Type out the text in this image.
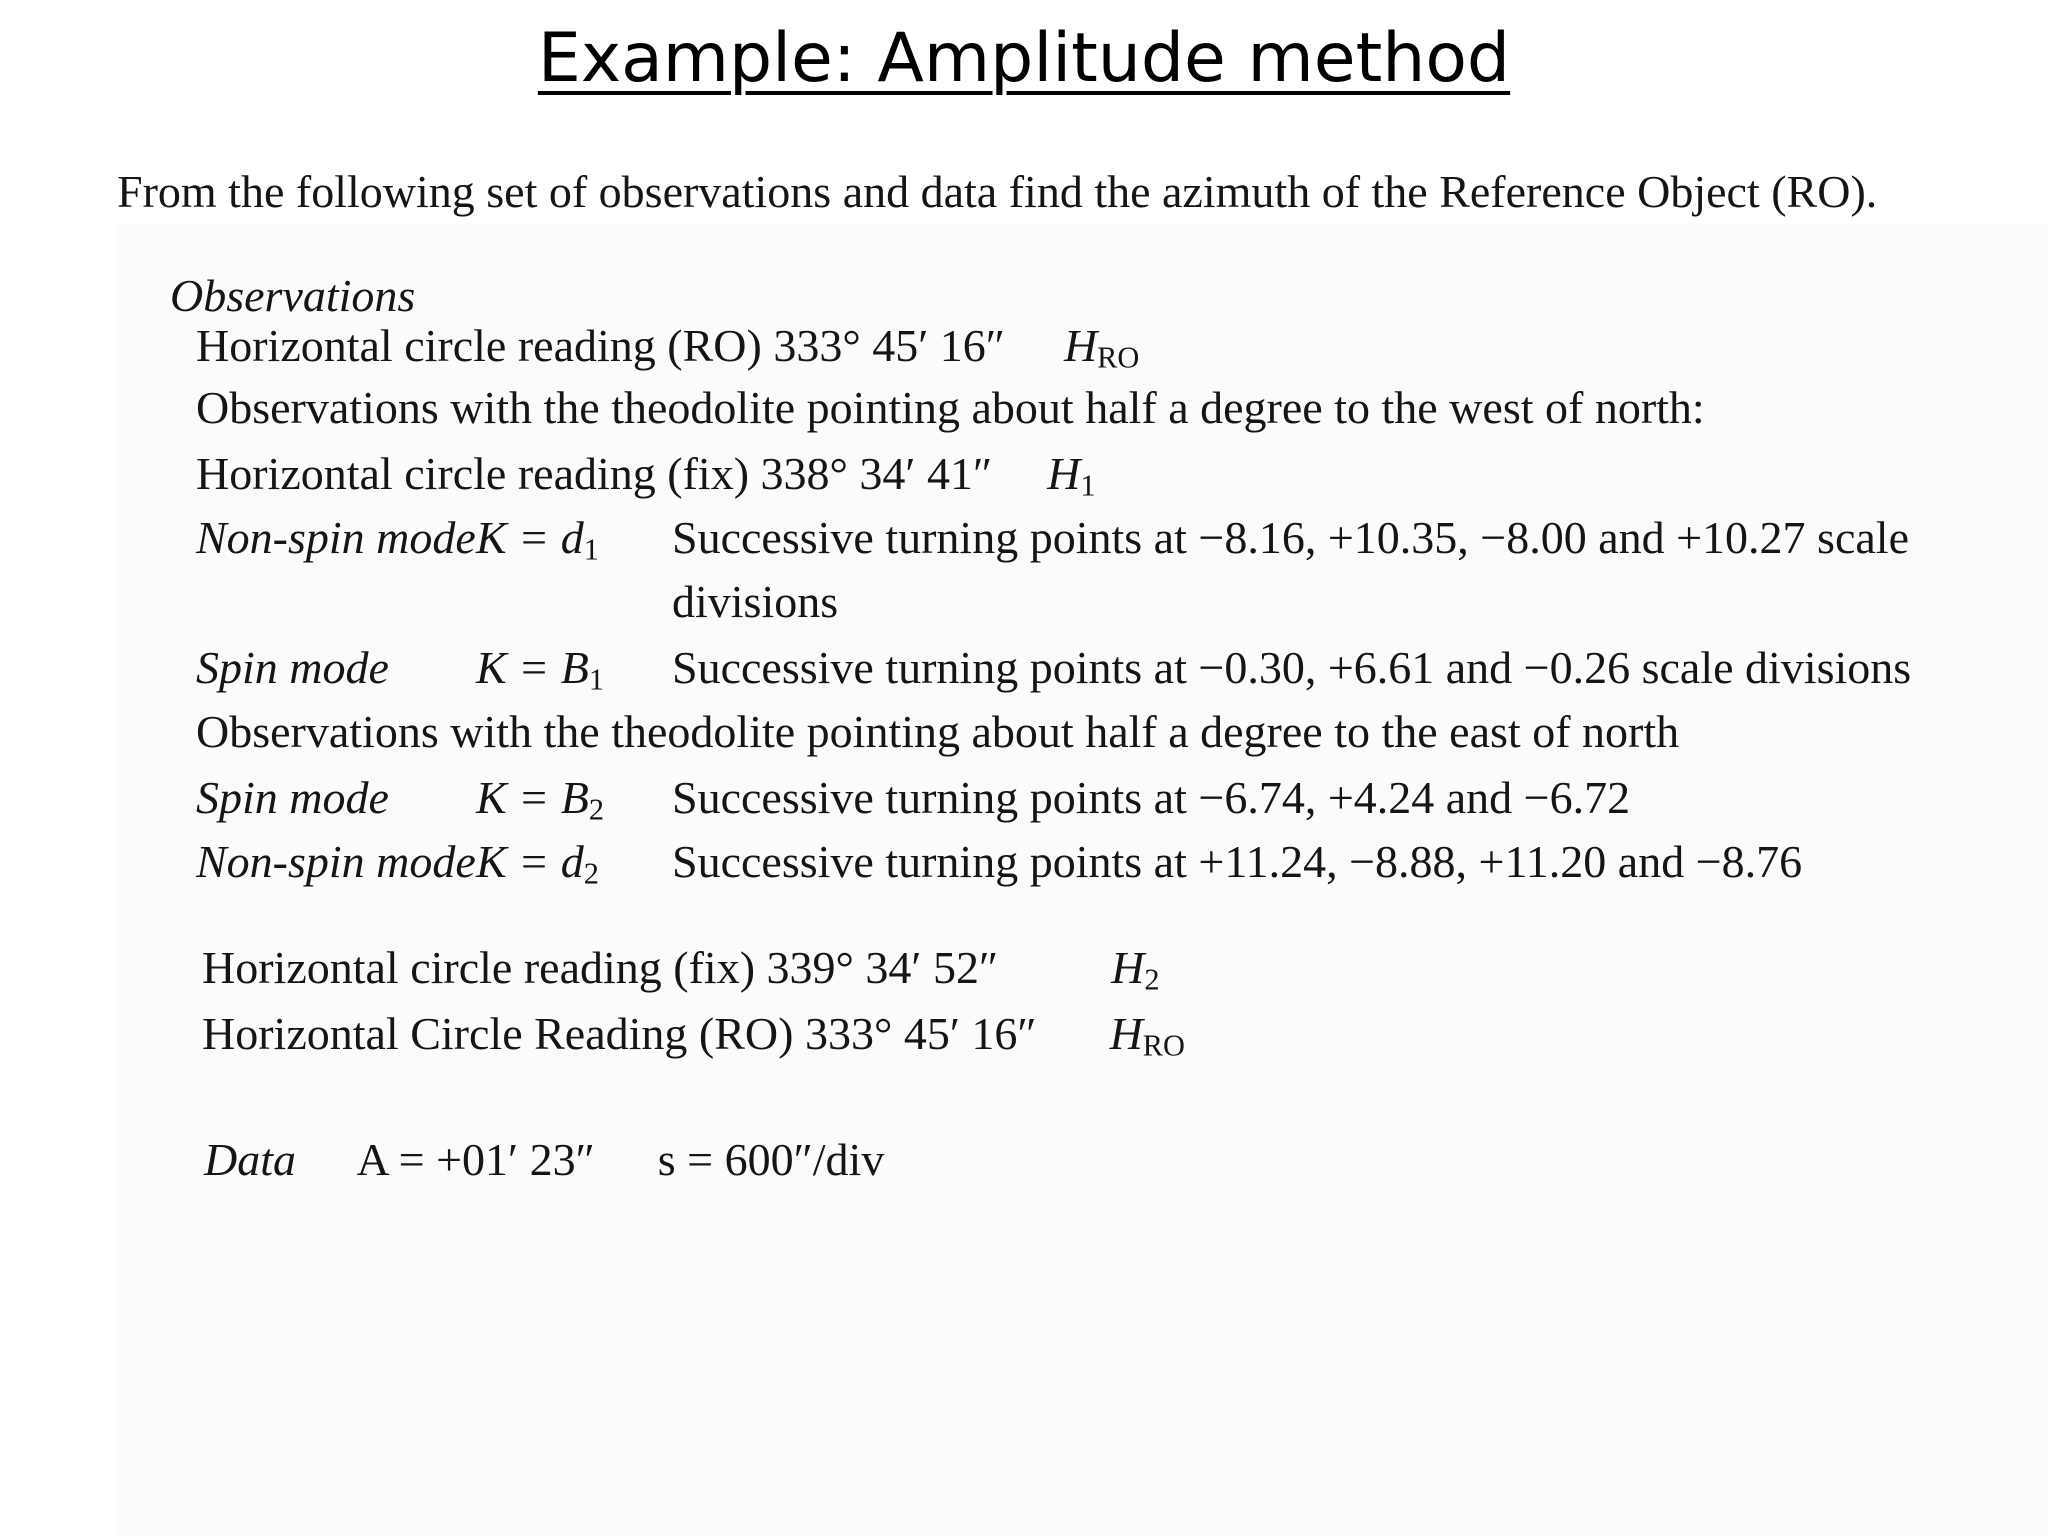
Example: Amplitude method
From the following set of observations and data find the azimuth of the Reference Object (RO).
Observations
Horizontal circle reading (RO) 333° 45′ 16″ $H_{RO}$
Observations with the theodolite pointing about half a degree to the west of north:
Horizontal circle reading (fix) 338° 34′ 41″ $H_1$
Non-spin mode $K = d_1$ Successive turning points at −8.16, +10.35, −8.00 and +10.27 scale
divisions
Spin mode $K = B_1$ Successive turning points at −0.30, +6.61 and −0.26 scale divisions
Observations with the theodolite pointing about half a degree to the east of north
Spin mode $K = B_2$ Successive turning points at −6.74, +4.24 and −6.72
Non-spin mode $K = d_2$ Successive turning points at +11.24, −8.88, +11.20 and −8.76
Horizontal circle reading (fix) 339° 34′ 52″ $H_2$
Horizontal Circle Reading (RO) 333° 45′ 16″ $H_{RO}$
Data A = +01′ 23″ s = 600″/div
